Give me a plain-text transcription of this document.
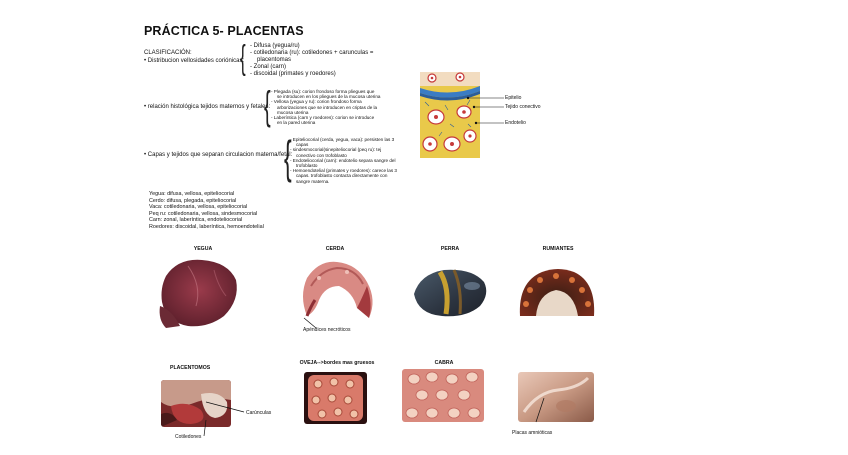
PRÁCTICA 5- PLACENTAS
CLASIFICACIÓN:
• Distribucion vellosidades coriónicas:
{ - Difusa (yegua/ru)
- cotiledonaria (ru): cotiledones + carunculas =
placentomas
- Zonal (carn)
- discoidal (primates y roedores)
• relación histológica tejidos maternos y fetales:
{ - Plegada (su): corion frondoso forma pliegues que
se introducen en los pliegues de la mucosa uterina
- Vellosa (yegua y ru): corion frondoso forma
arborizaciones que se introducen en criptas de la
mucosa uterina
- Laberíntica (carn y roedores): corion se introduce
en la pared uterina
• Capas y tejidos que separan circulacion materna/fetal:
{
- Epiteliocorial (cerda, yegua, vaca): persisten las 3
capas
- sindesmocorial(sinepiteliocorial (peq ru): tej
conectivo con trofoblasto
- Endoteliocorial (carn): endotelio separa sangre del
trofoblasto
- Hemoendotelial (primates y roedores): carece las 3
capas. trofoblasto contacta directamente con
sangre materna.
Yegua: difusa, vellosa, epiteliocorial
Cerdo: difusa, plegada, epiteliocorial
Vaca: cotiledonaria, vellosa, epiteliocorial
Peq ru: cotiledonaria, vellosa, sindesmocorial
Carn: zonal, laberíntica, endoteliocorial
Roedores: discoidal, laberíntica, hemoendotelial
Epitelio
Tejido conectivo
Endotelio
YEGUA	CERDA	PERRA	RUMIANTES
Apéndices necróticos
PLACENTOMOS
OVEJA-->bordes mas gruesos	CABRA
Carúnculas
Cotiledones
Placas amnióticas
